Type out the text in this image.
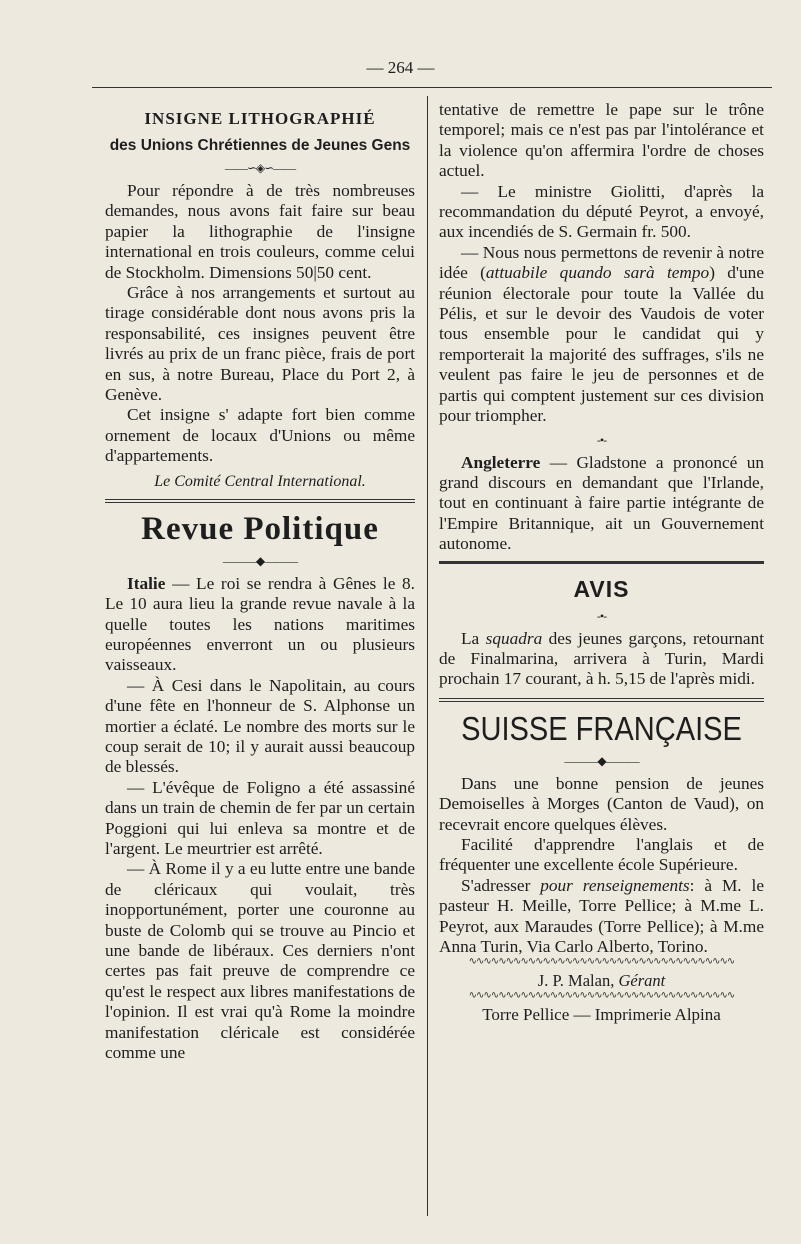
— 264 —
INSIGNE LITHOGRAPHIÉ
des Unions Chrétiennes de Jeunes Gens
——∽◈∽——

Pour répondre à de très nombreuses demandes, nous avons fait faire sur beau papier la lithographie de l'insigne international en trois couleurs, comme celui de Stockholm. Dimensions 50|50 cent.

Grâce à nos arrangements et surtout au tirage considérable dont nous avons pris la responsabilité, ces insignes peuvent être livrés au prix de un franc pièce, frais de port en sus, à notre Bureau, Place du Port 2, à Genève.

Cet insigne s' adapte fort bien comme ornement de locaux d'Unions ou même d'appartements.

Le Comité Central International.
Revue Politique
———◆———

Italie — Le roi se rendra à Gênes le 8. Le 10 aura lieu la grande revue navale à la quelle toutes les nations maritimes européennes enverront un ou plusieurs vaisseaux.

— À Cesi dans le Napolitain, au cours d'une fête en l'honneur de S. Alphonse un mortier a éclaté. Le nombre des morts sur le coup serait de 10; il y aurait aussi beaucoup de blessés.

— L'évêque de Foligno a été assassiné dans un train de chemin de fer par un certain Poggioni qui lui enleva sa montre et de l'argent. Le meurtrier est arrêté.

— À Rome il y a eu lutte entre une bande de cléricaux qui voulait, très inopportunément, porter une couronne au buste de Colomb qui se trouve au Pincio et une bande de libéraux. Ces derniers n'ont certes pas fait preuve de comprendre ce qu'est le respect aux libres manifestations de l'opinion. Il est vrai qu'à Rome la moindre manifestation cléricale est considérée comme une

tentative de remettre le pape sur le trône temporel; mais ce n'est pas par l'intolérance et la violence qu'on affermira l'ordre de choses actuel.

— Le ministre Giolitti, d'après la recommandation du député Peyrot, a envoyé, aux incendiés de S. Germain fr. 500.

— Nous nous permettons de revenir à notre idée (attuabile quando sarà tempo) d'une réunion électorale pour toute la Vallée du Pélis, et sur le devoir des Vaudois de voter tous ensemble pour le candidat qui y remporterait la majorité des suffrages, s'ils ne veulent pas faire le jeu de personnes et de partis qui comptent justement sur ces division pour triompher.

-•-

Angleterre — Gladstone a prononcé un grand discours en demandant que l'Irlande, tout en continuant à faire partie intégrante de l'Empire Britannique, ait un Gouvernement autonome.

AVIS
-•-

La squadra des jeunes garçons, retournant de Finalmarina, arrivera à Turin, Mardi prochain 17 courant, à h. 5,15 de l'après midi.

SUISSE FRANÇAISE
———◆———

Dans une bonne pension de jeunes Demoiselles à Morges (Canton de Vaud), on recevrait encore quelques élèves.

Facilité d'apprendre l'anglais et de fréquenter une excellente école Supérieure.

S'adresser pour renseignements: à M. le pasteur H. Meille, Torre Pellice; à M.me L. Peyrot, aux Maraudes (Torre Pellice); à M.me Anna Turin, Via Carlo Alberto, Torino.

∿∿∿∿∿∿∿∿∿∿∿∿∿∿∿∿∿∿∿∿∿∿∿∿∿∿∿∿∿∿∿∿∿∿∿∿
J. P. Malan, Gérant
∿∿∿∿∿∿∿∿∿∿∿∿∿∿∿∿∿∿∿∿∿∿∿∿∿∿∿∿∿∿∿∿∿∿∿∿
Torre Pellice — Imprimerie Alpina
